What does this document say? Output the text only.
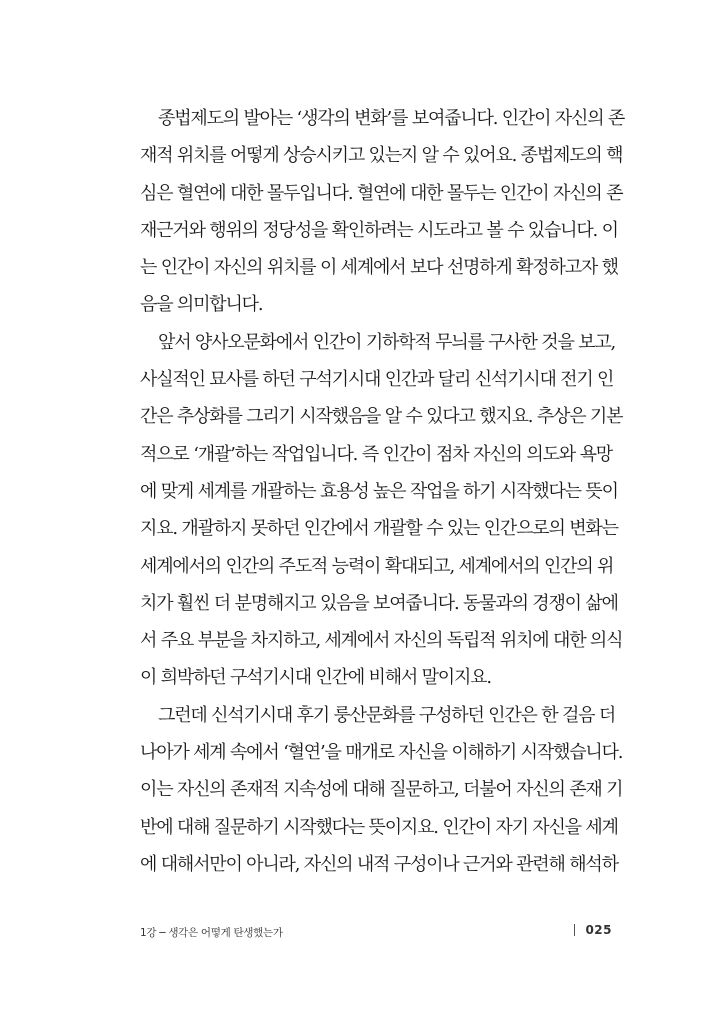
종법제도의 발아는 ‘생각의 변화’를 보여줍니다. 인간이 자신의 존
재적 위치를 어떻게 상승시키고 있는지 알 수 있어요. 종법제도의 핵
심은 혈연에 대한 몰두입니다. 혈연에 대한 몰두는 인간이 자신의 존
재근거와 행위의 정당성을 확인하려는 시도라고 볼 수 있습니다. 이
는 인간이 자신의 위치를 이 세계에서 보다 선명하게 확정하고자 했
음을 의미합니다.
앞서 양사오문화에서 인간이 기하학적 무늬를 구사한 것을 보고,
사실적인 묘사를 하던 구석기시대 인간과 달리 신석기시대 전기 인
간은 추상화를 그리기 시작했음을 알 수 있다고 했지요. 추상은 기본
적으로 ‘개괄’하는 작업입니다. 즉 인간이 점차 자신의 의도와 욕망
에 맞게 세계를 개괄하는 효용성 높은 작업을 하기 시작했다는 뜻이
지요. 개괄하지 못하던 인간에서 개괄할 수 있는 인간으로의 변화는
세계에서의 인간의 주도적 능력이 확대되고, 세계에서의 인간의 위
치가 훨씬 더 분명해지고 있음을 보여줍니다. 동물과의 경쟁이 삶에
서 주요 부분을 차지하고, 세계에서 자신의 독립적 위치에 대한 의식
이 희박하던 구석기시대 인간에 비해서 말이지요.
그런데 신석기시대 후기 룽산문화를 구성하던 인간은 한 걸음 더
나아가 세계 속에서 ‘혈연’을 매개로 자신을 이해하기 시작했습니다.
이는 자신의 존재적 지속성에 대해 질문하고, 더불어 자신의 존재 기
반에 대해 질문하기 시작했다는 뜻이지요. 인간이 자기 자신을 세계
에 대해서만이 아니라, 자신의 내적 구성이나 근거와 관련해 해석하
1강 ─ 생각은 어떻게 탄생했는가	025
